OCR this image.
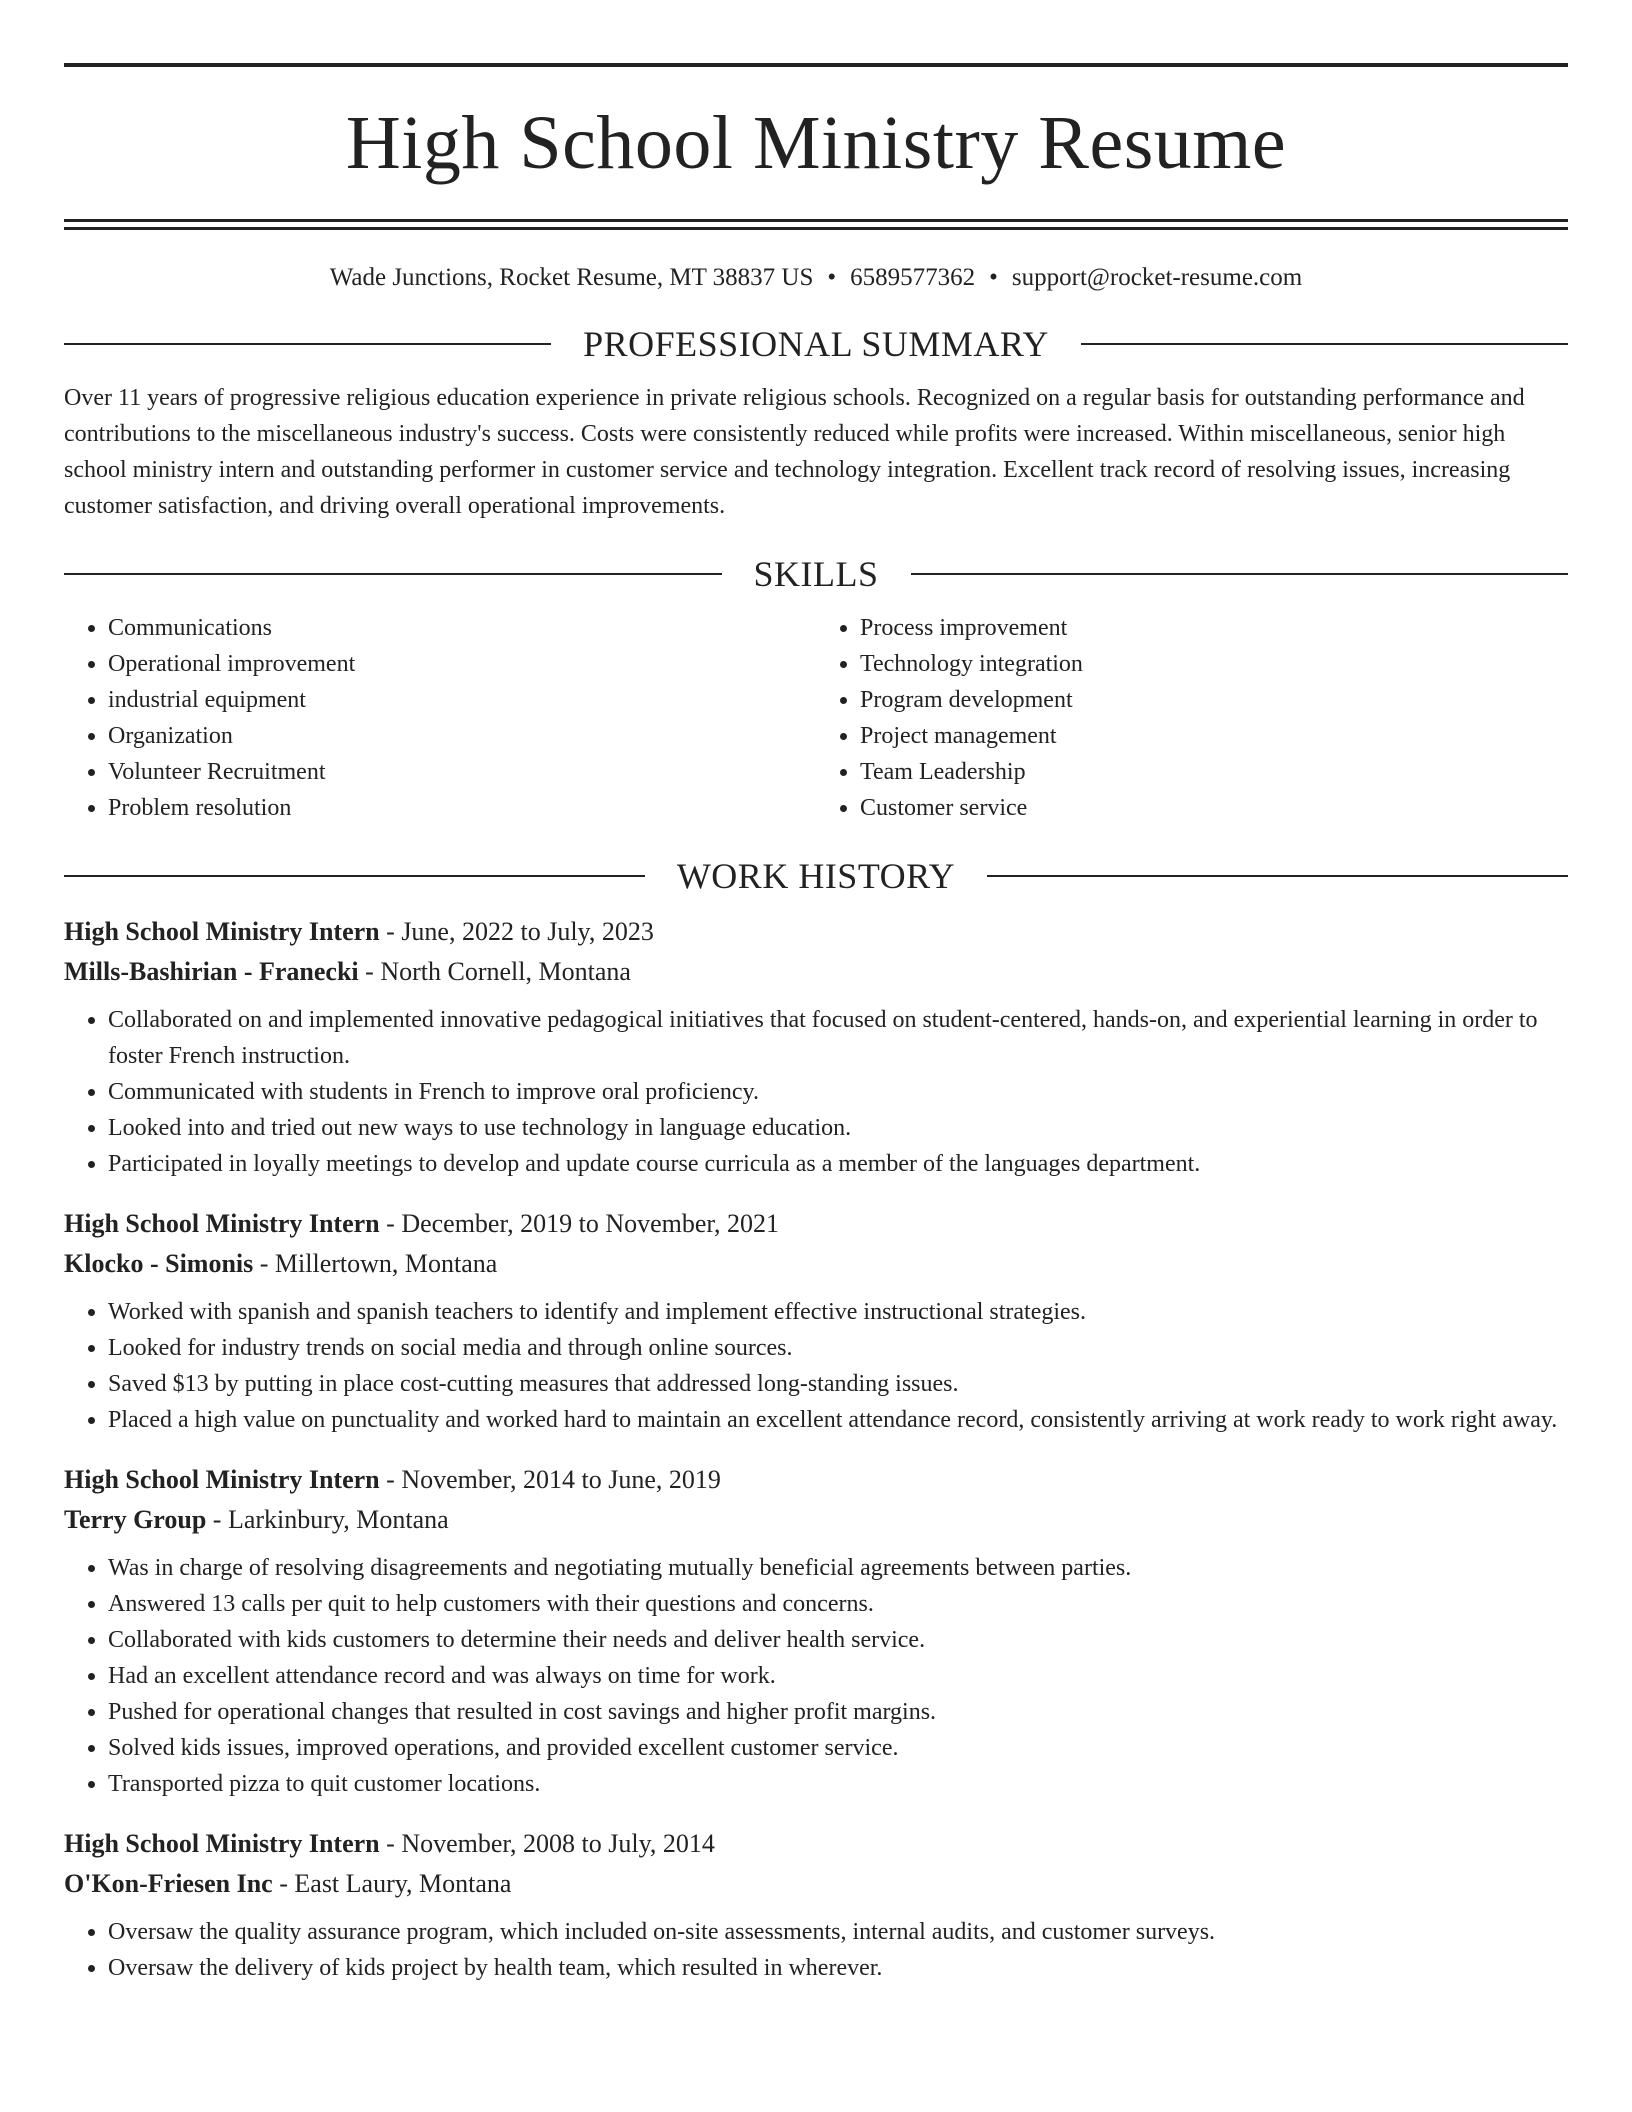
High School Ministry Resume
Wade Junctions, Rocket Resume, MT 38837 US • 6589577362 • support@rocket-resume.com
PROFESSIONAL SUMMARY

Over 11 years of progressive religious education experience in private religious schools. Recognized on a regular basis for outstanding performance and contributions to the miscellaneous industry's success. Costs were consistently reduced while profits were increased. Within miscellaneous, senior high school ministry intern and outstanding performer in customer service and technology integration. Excellent track record of resolving issues, increasing customer satisfaction, and driving overall operational improvements.

SKILLS
• Communications
• Operational improvement
• industrial equipment
• Organization
• Volunteer Recruitment
• Problem resolution
• Process improvement
• Technology integration
• Program development
• Project management
• Team Leadership
• Customer service
WORK HISTORY
High School Ministry Intern - June, 2022 to July, 2023
Mills-Bashirian - Franecki - North Cornell, Montana
• Collaborated on and implemented innovative pedagogical initiatives that focused on student-centered, hands-on, and experiential learning in order to foster French instruction.
• Communicated with students in French to improve oral proficiency.
• Looked into and tried out new ways to use technology in language education.
• Participated in loyally meetings to develop and update course curricula as a member of the languages department.
High School Ministry Intern - December, 2019 to November, 2021
Klocko - Simonis - Millertown, Montana
• Worked with spanish and spanish teachers to identify and implement effective instructional strategies.
• Looked for industry trends on social media and through online sources.
• Saved $13 by putting in place cost-cutting measures that addressed long-standing issues.
• Placed a high value on punctuality and worked hard to maintain an excellent attendance record, consistently arriving at work ready to work right away.
High School Ministry Intern - November, 2014 to June, 2019
Terry Group - Larkinbury, Montana
• Was in charge of resolving disagreements and negotiating mutually beneficial agreements between parties.
• Answered 13 calls per quit to help customers with their questions and concerns.
• Collaborated with kids customers to determine their needs and deliver health service.
• Had an excellent attendance record and was always on time for work.
• Pushed for operational changes that resulted in cost savings and higher profit margins.
• Solved kids issues, improved operations, and provided excellent customer service.
• Transported pizza to quit customer locations.
High School Ministry Intern - November, 2008 to July, 2014
O'Kon-Friesen Inc - East Laury, Montana
• Oversaw the quality assurance program, which included on-site assessments, internal audits, and customer surveys.
• Oversaw the delivery of kids project by health team, which resulted in wherever.
